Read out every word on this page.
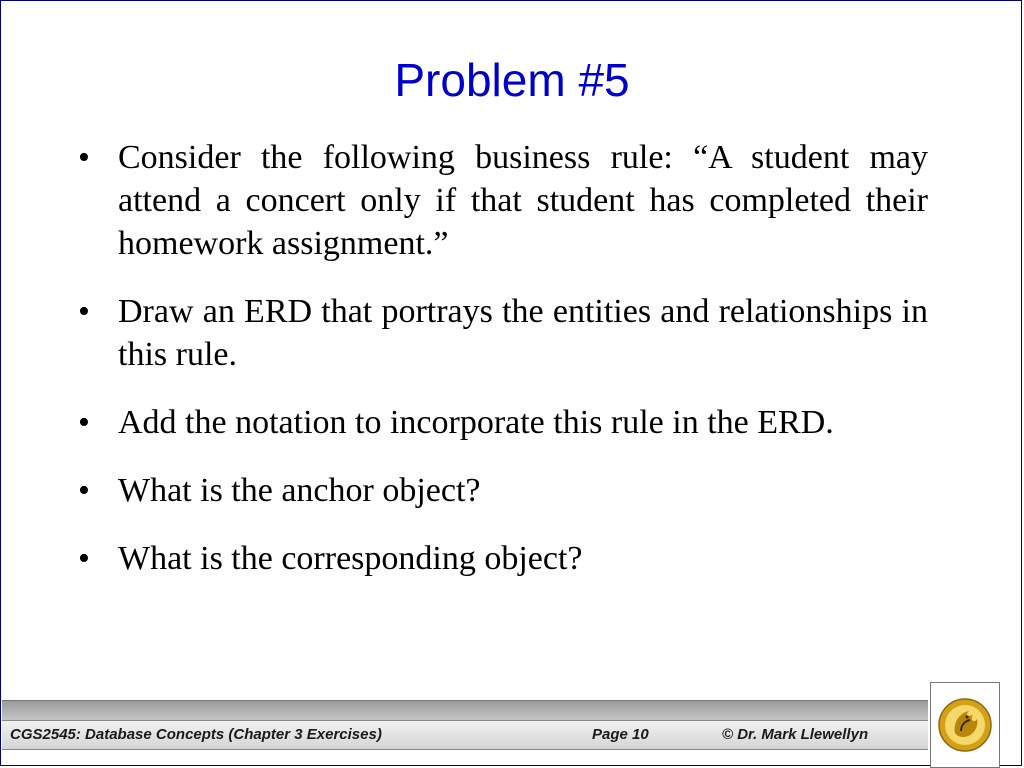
Problem #5
• Consider the following business rule: “A student may attend a concert only if that student has completed their homework assignment.”
• Draw an ERD that portrays the entities and relationships in this rule.
• Add the notation to incorporate this rule in the ERD.
• What is the anchor object?
• What is the corresponding object?
CGS2545: Database Concepts (Chapter 3 Exercises)	Page 10	© Dr. Mark Llewellyn
